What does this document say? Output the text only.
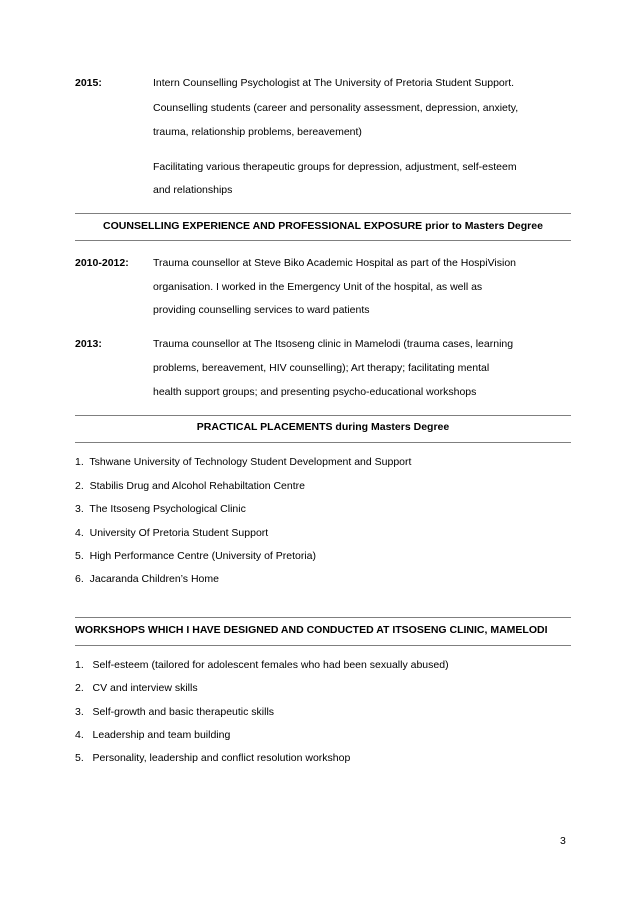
2015:	Intern Counselling Psychologist at The University of Pretoria Student Support.
Counselling students (career and personality assessment, depression, anxiety,
trauma, relationship problems, bereavement)
Facilitating various therapeutic groups for depression, adjustment, self-esteem
and relationships
COUNSELLING EXPERIENCE AND PROFESSIONAL EXPOSURE prior to Masters Degree
2010-2012: Trauma counsellor at Steve Biko Academic Hospital as part of the HospiVision
organisation. I worked in the Emergency Unit of the hospital, as well as
providing counselling services to ward patients
2013:	Trauma counsellor at The Itsoseng clinic in Mamelodi (trauma cases, learning
problems, bereavement, HIV counselling); Art therapy; facilitating mental
health support groups; and presenting psycho-educational workshops
PRACTICAL PLACEMENTS during Masters Degree
1. Tshwane University of Technology Student Development and Support
2. Stabilis Drug and Alcohol Rehabiltation Centre
3. The Itsoseng Psychological Clinic
4. University Of Pretoria Student Support
5. High Performance Centre (University of Pretoria)
6. Jacaranda Children’s Home
WORKSHOPS WHICH I HAVE DESIGNED AND CONDUCTED AT ITSOSENG CLINIC, MAMELODI
1. Self-esteem (tailored for adolescent females who had been sexually abused)
2. CV and interview skills
3. Self-growth and basic therapeutic skills
4. Leadership and team building
5. Personality, leadership and conflict resolution workshop
3
